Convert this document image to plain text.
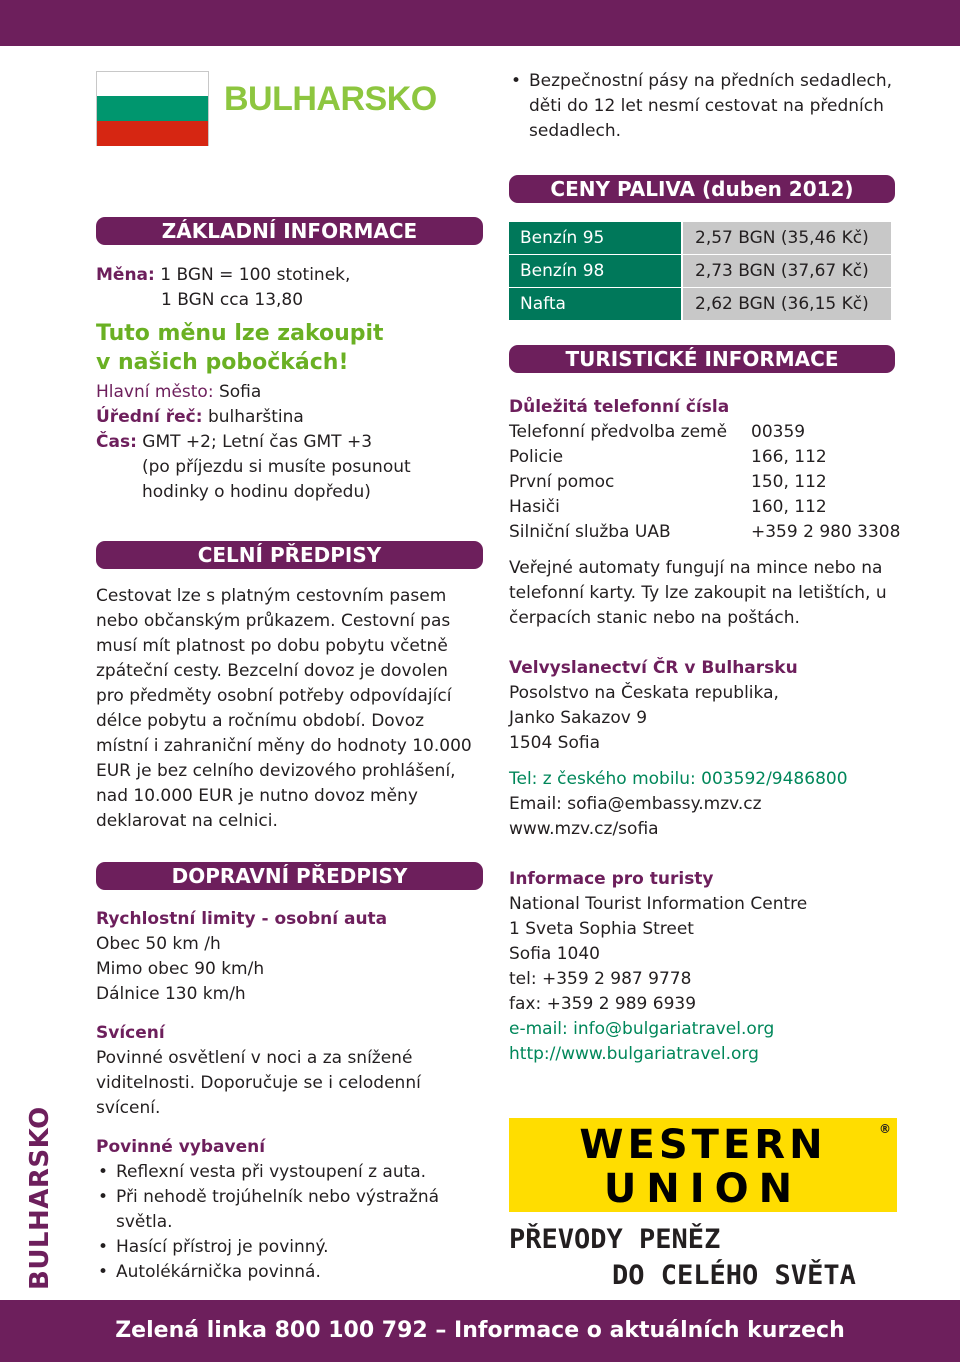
BULHARSKO
ZÁKLADNÍ INFORMACE
Měna: 1 BGN = 100 stotinek,
1 BGN cca 13,80
Tuto měnu lze zakoupit
v našich pobočkách!
Hlavní město: Sofia
Úřední řeč: bulharština
Čas: GMT +2; Letní čas GMT +3
(po příjezdu si musíte posunout
hodinky o hodinu dopředu)
CELNÍ PŘEDPISY
Cestovat lze s platným cestovním pasem nebo občanským průkazem. Cestovní pas musí mít platnost po dobu pobytu včetně zpáteční cesty. Bezcelní dovoz je dovolen pro předměty osobní potřeby odpovídající délce pobytu a ročnímu období. Dovoz místní i zahraniční měny do hodnoty 10.000 EUR je bez celního devizového prohlášení, nad 10.000 EUR je nutno dovoz měny deklarovat na celnici.
DOPRAVNÍ PŘEDPISY
Rychlostní limity - osobní auta
Obec 50 km /h
Mimo obec 90 km/h
Dálnice 130 km/h
Svícení
Povinné osvětlení v noci a za snížené viditelnosti. Doporučuje se i celodenní svícení.
Povinné vybavení
• Reflexní vesta při vystoupení z auta.
• Při nehodě trojúhelník nebo výstražná světla.
• Hasící přístroj je povinný.
• Autolékárnička povinná.
• Bezpečnostní pásy na předních sedadlech, děti do 12 let nesmí cestovat na předních sedadlech.
CENY PALIVA (duben 2012)
Benzín 95	2,57 BGN (35,46 Kč)
Benzín 98	2,73 BGN (37,67 Kč)
Nafta	2,62 BGN (36,15 Kč)
TURISTICKÉ INFORMACE
Důležitá telefonní čísla
Telefonní předvolba země	00359
Policie	166, 112
První pomoc	150, 112
Hasiči	160, 112
Silniční služba UAB	+359 2 980 3308
Veřejné automaty fungují na mince nebo na telefonní karty. Ty lze zakoupit na letištích, u čerpacích stanic nebo na poštách.
Velvyslanectví ČR v Bulharsku
Posolstvo na Českata republika,
Janko Sakazov 9
1504 Sofia
Tel: z českého mobilu: 003592/9486800
Email: sofia@embassy.mzv.cz
www.mzv.cz/sofia
Informace pro turisty
National Tourist Information Centre
1 Sveta Sophia Street
Sofia 1040
tel: +359 2 987 9778
fax: +359 2 989 6939
e-mail: info@bulgariatravel.org
http://www.bulgariatravel.org
WESTERN
UNION
®
PŘEVODY PENĚZ
DO CELÉHO SVĚTA
BULHARSKO
Zelená linka 800 100 792 – Informace o aktuálních kurzech
